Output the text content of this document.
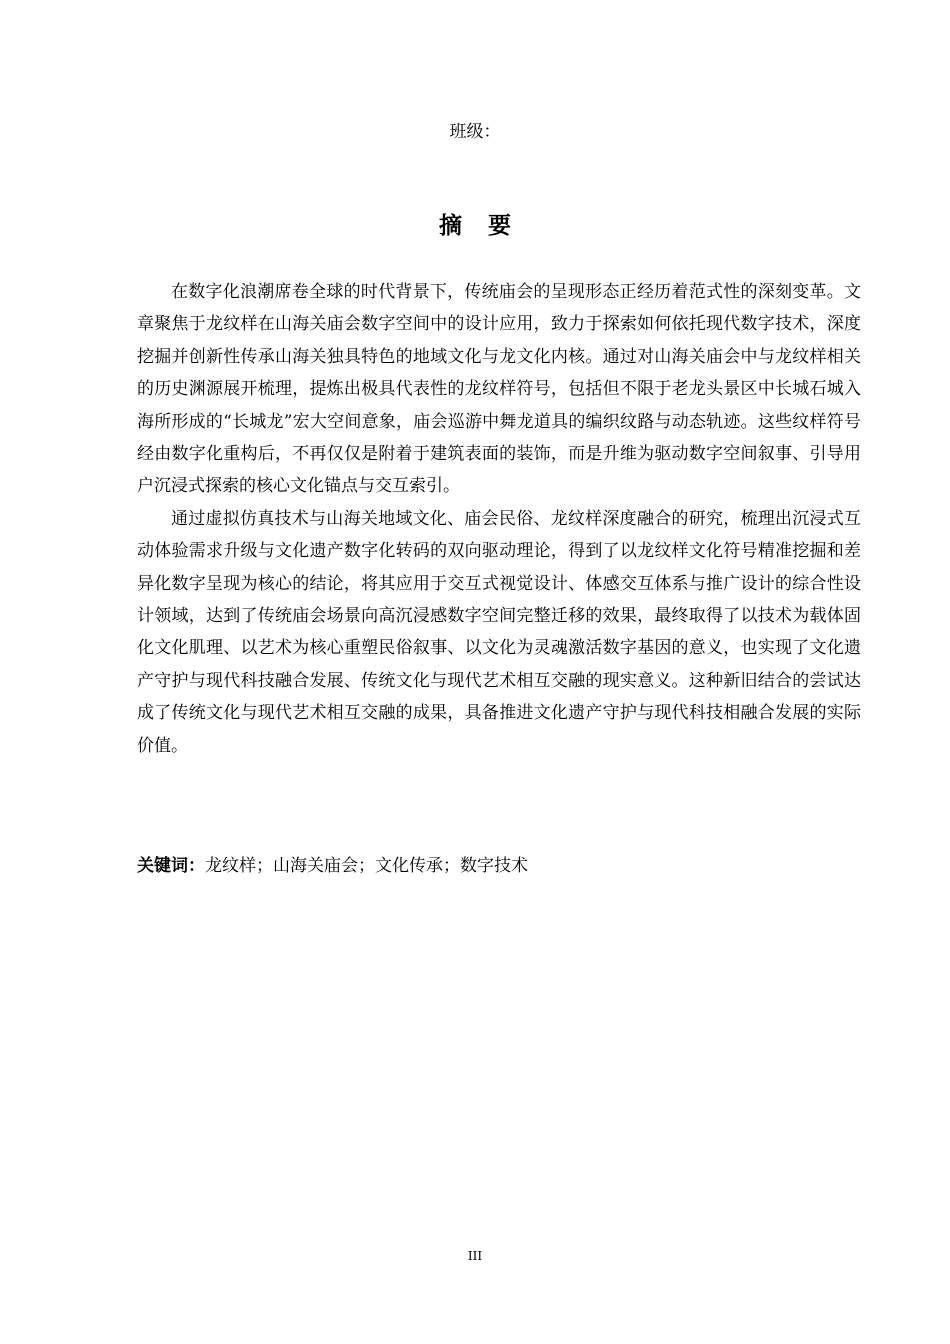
班级：
摘要

在数字化浪潮席卷全球的时代背景下，传统庙会的呈现形态正经历着范式性的深刻变革。文章聚焦于龙纹样在山海关庙会数字空间中的设计应用，致力于探索如何依托现代数字技术，深度挖掘并创新性传承山海关独具特色的地域文化与龙文化内核。通过对山海关庙会中与龙纹样相关的历史渊源展开梳理，提炼出极具代表性的龙纹样符号，包括但不限于老龙头景区中长城石城入海所形成的“长城龙”宏大空间意象，庙会巡游中舞龙道具的编织纹路与动态轨迹。这些纹样符号经由数字化重构后，不再仅仅是附着于建筑表面的装饰，而是升维为驱动数字空间叙事、引导用户沉浸式探索的核心文化锚点与交互索引。

通过虚拟仿真技术与山海关地域文化、庙会民俗、龙纹样深度融合的研究，梳理出沉浸式互动体验需求升级与文化遗产数字化转码的双向驱动理论，得到了以龙纹样文化符号精准挖掘和差异化数字呈现为核心的结论，将其应用于交互式视觉设计、体感交互体系与推广设计的综合性设计领域，达到了传统庙会场景向高沉浸感数字空间完整迁移的效果，最终取得了以技术为载体固化文化肌理、以艺术为核心重塑民俗叙事、以文化为灵魂激活数字基因的意义，也实现了文化遗产守护与现代科技融合发展、传统文化与现代艺术相互交融的现实意义。这种新旧结合的尝试达成了传统文化与现代艺术相互交融的成果，具备推进文化遗产守护与现代科技相融合发展的实际价值。

关键词：龙纹样；山海关庙会；文化传承；数字技术
III
